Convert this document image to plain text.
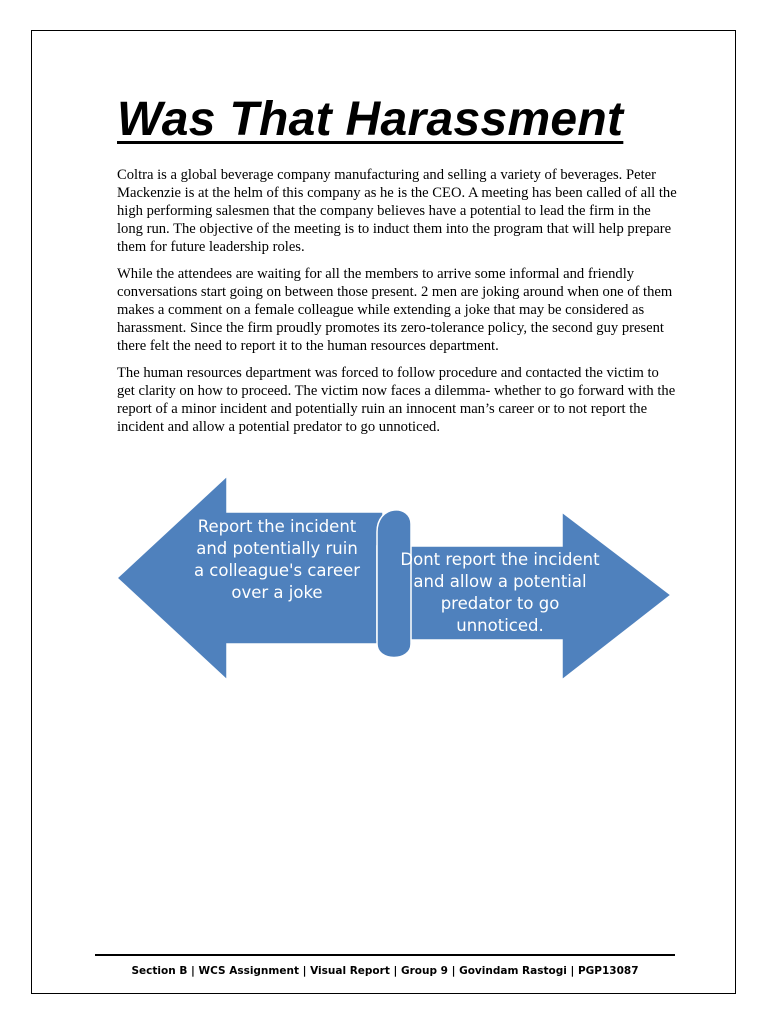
Was That Harassment

Coltra is a global beverage company manufacturing and selling a variety of beverages. Peter Mackenzie is at the helm of this company as he is the CEO. A meeting has been called of all the high performing salesmen that the company believes have a potential to lead the firm in the long run. The objective of the meeting is to induct them into the program that will help prepare them for future leadership roles.

While the attendees are waiting for all the members to arrive some informal and friendly conversations start going on between those present. 2 men are joking around when one of them makes a comment on a female colleague while extending a joke that may be considered as harassment. Since the firm proudly promotes its zero-tolerance policy, the second guy present there felt the need to report it to the human resources department.

The human resources department was forced to follow procedure and contacted the victim to get clarity on how to proceed. The victim now faces a dilemma- whether to go forward with the report of a minor incident and potentially ruin an innocent man’s career or to not report the incident and allow a potential predator to go unnoticed.

Report the incident
and potentially ruin
a colleague's career
over a joke
Dont report the incident
and allow a potential
predator to go
unnoticed.
Section B | WCS Assignment | Visual Report | Group 9 | Govindam Rastogi | PGP13087
